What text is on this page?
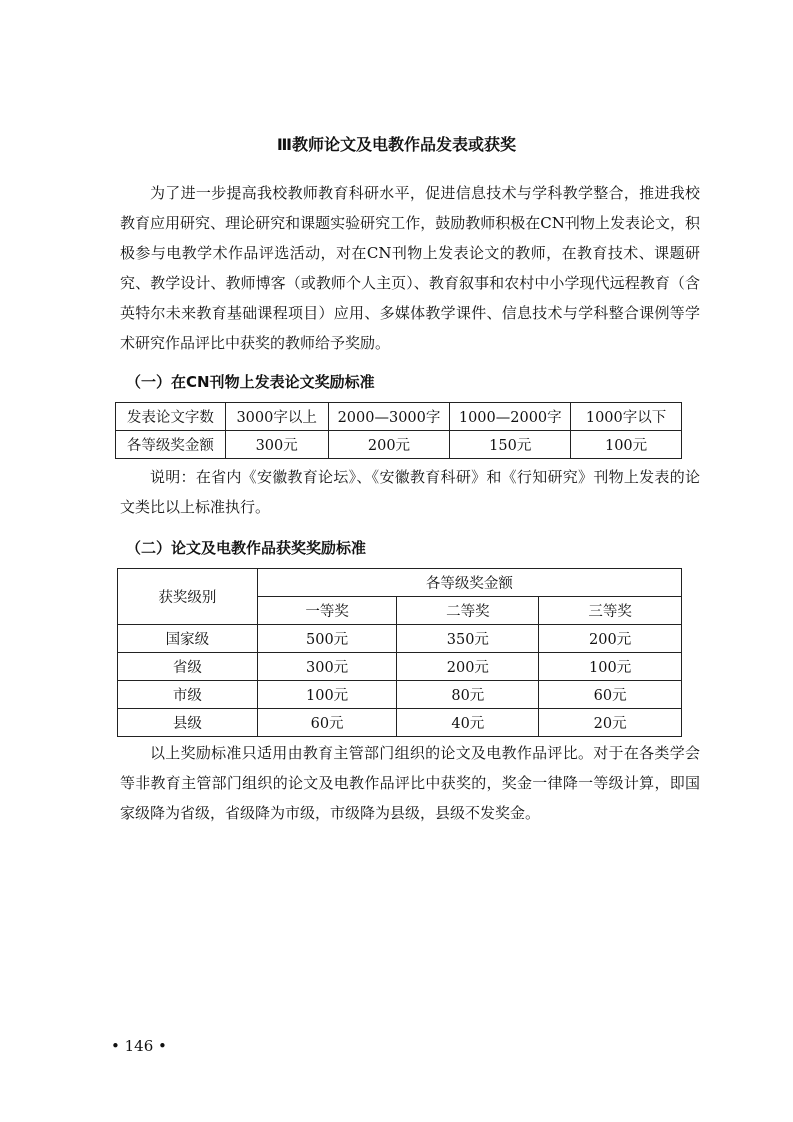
Ⅲ教师论文及电教作品发表或获奖

为了进一步提高我校教师教育科研水平，促进信息技术与学科教学整合，推进我校教育应用研究、理论研究和课题实验研究工作，鼓励教师积极在CN刊物上发表论文，积极参与电教学术作品评选活动，对在CN刊物上发表论文的教师，在教育技术、课题研究、教学设计、教师博客（或教师个人主页）、教育叙事和农村中小学现代远程教育（含英特尔未来教育基础课程项目）应用、多媒体教学课件、信息技术与学科整合课例等学术研究作品评比中获奖的教师给予奖励。

（一）在CN刊物上发表论文奖励标准
发表论文字数	3000字以上	2000—3000字	1000—2000字	1000字以下
各等级奖金额	300元	200元	150元	100元

说明：在省内《安徽教育论坛》、《安徽教育科研》和《行知研究》刊物上发表的论文类比以上标准执行。

（二）论文及电教作品获奖奖励标准
获奖级别	各等级奖金额		
	一等奖	二等奖	三等奖
国家级	500元	350元	200元
省级	300元	200元	100元
市级	100元	80元	60元
县级	60元	40元	20元

以上奖励标准只适用由教育主管部门组织的论文及电教作品评比。对于在各类学会等非教育主管部门组织的论文及电教作品评比中获奖的，奖金一律降一等级计算，即国家级降为省级，省级降为市级，市级降为县级，县级不发奖金。

• 146 •
